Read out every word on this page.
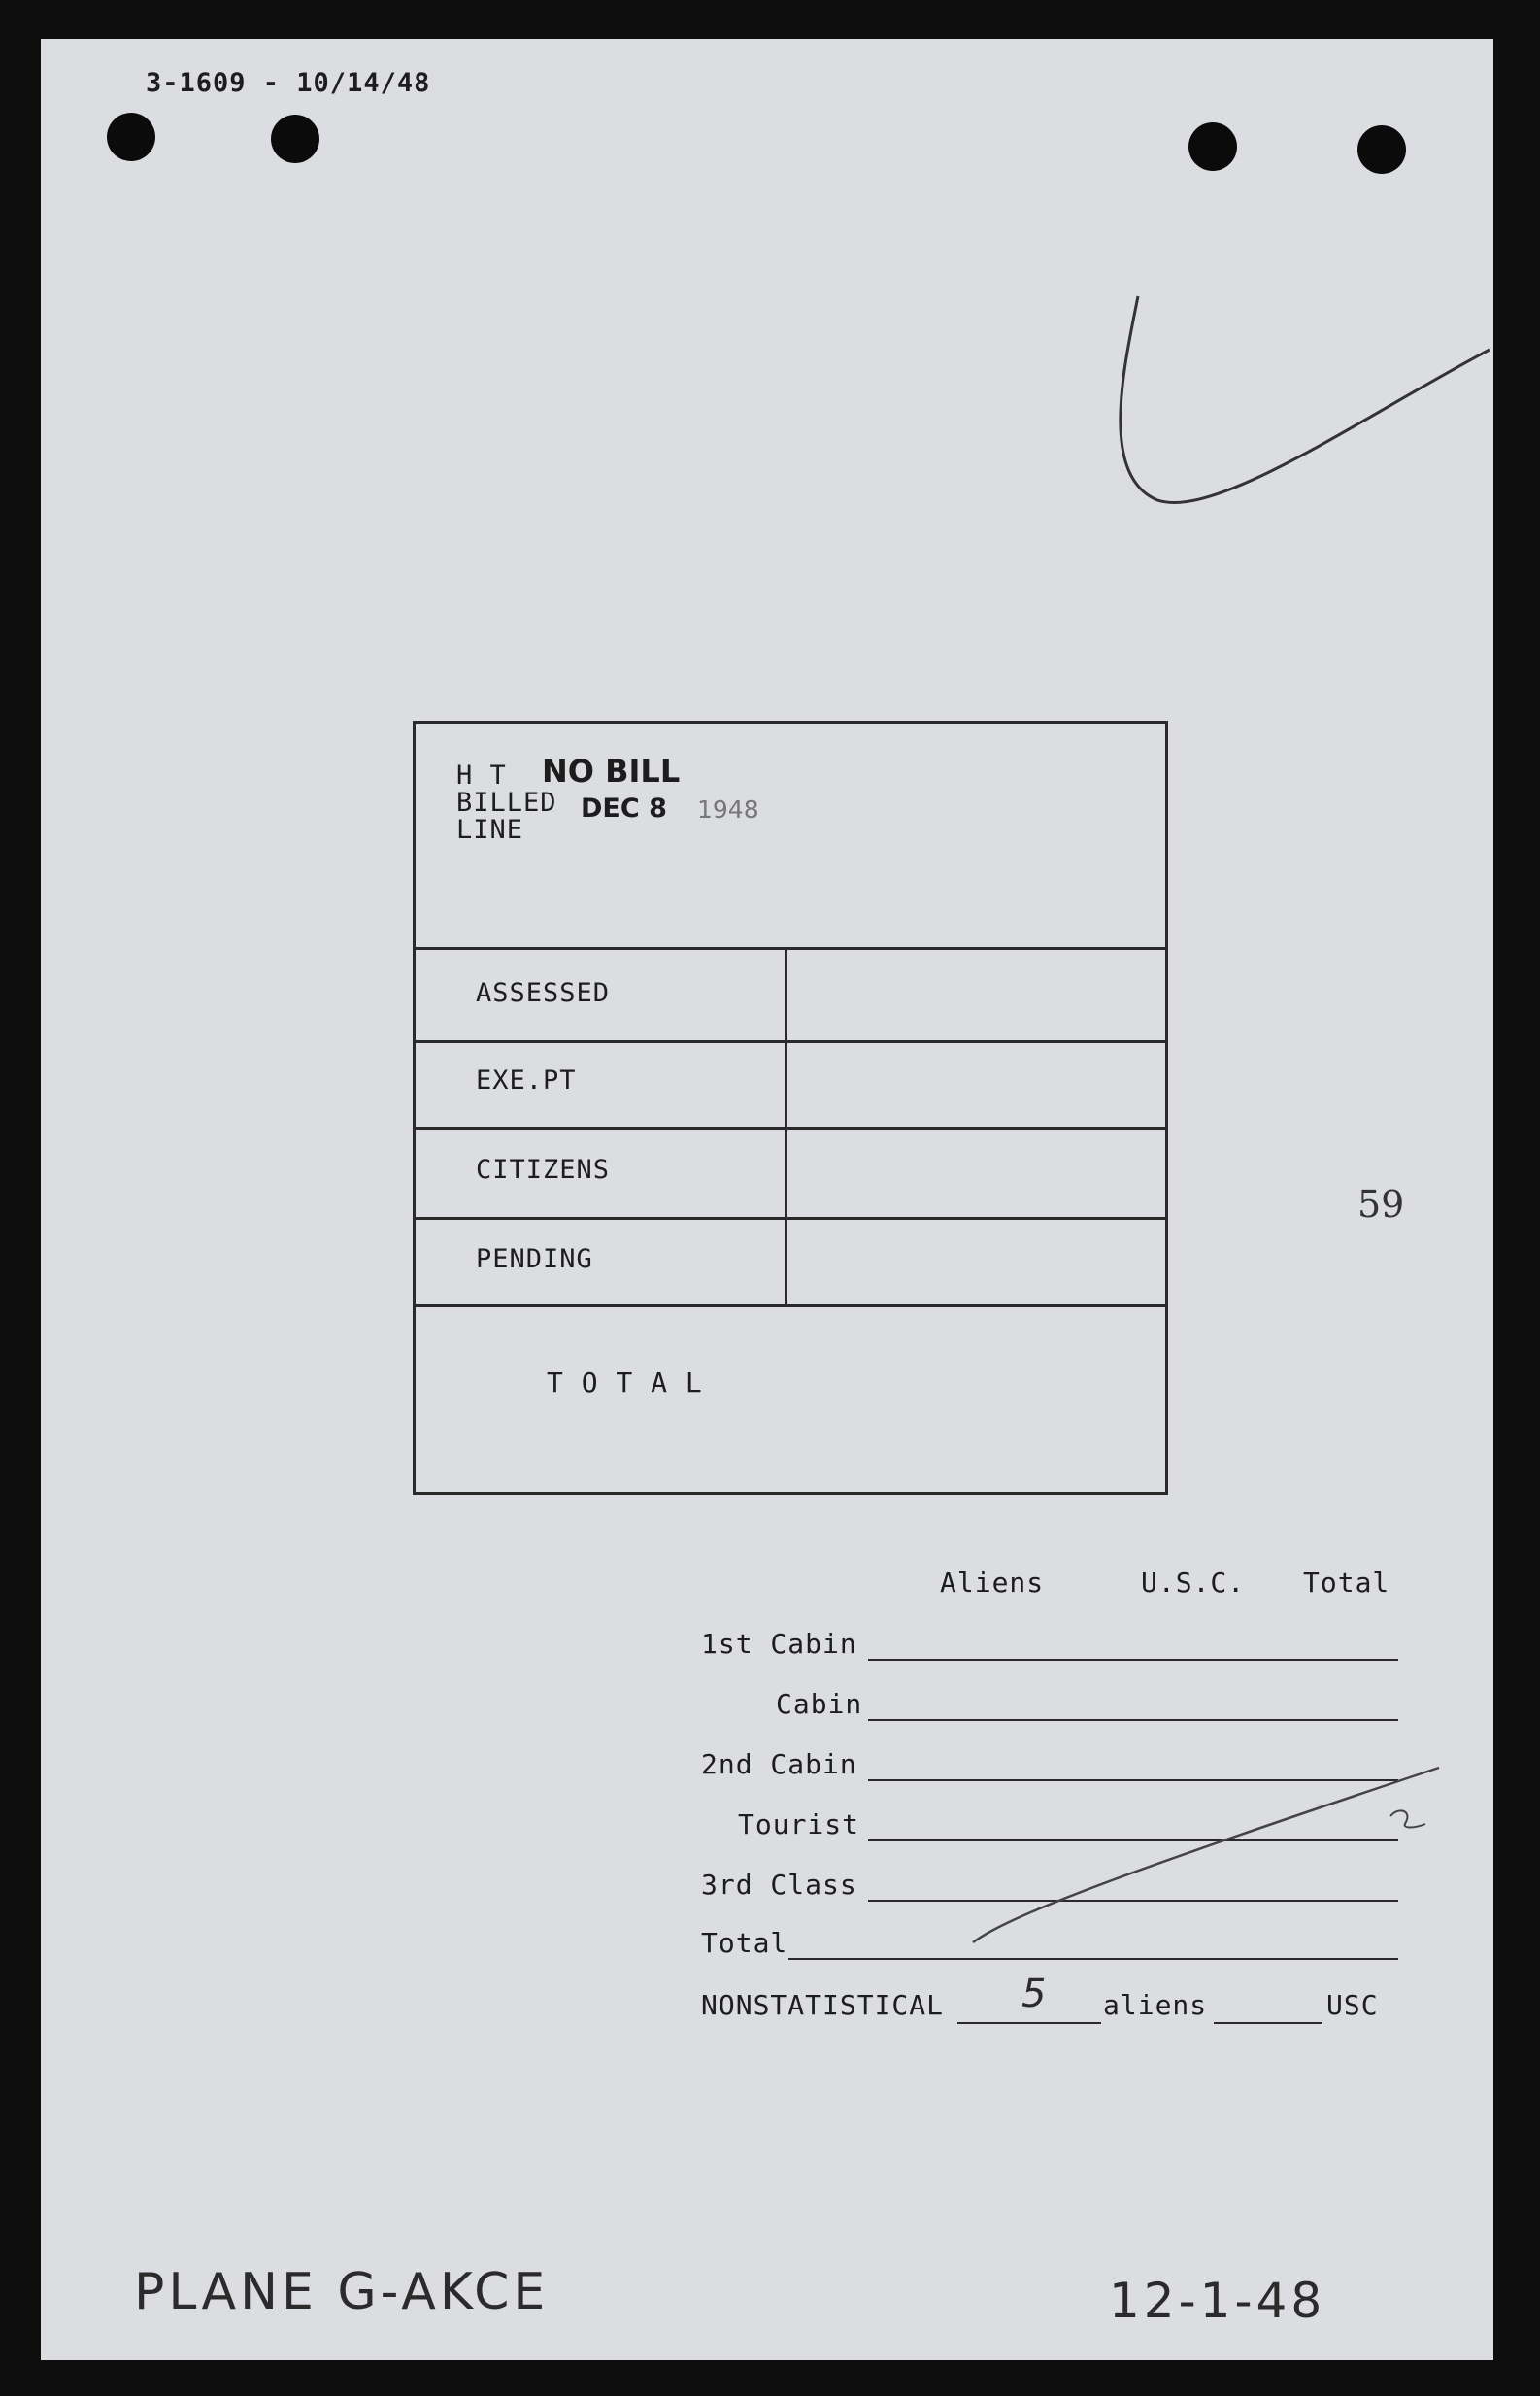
3-1609 - 10/14/48
H T
BILLED
LINE
NO BILL
DEC 8 1948
ASSESSED
EXE.PT
CITIZENS
PENDING
T O T A L
59
Aliens	U.S.C. Total
1st Cabin
Cabin
2nd Cabin
Tourist
3rd Class
Total
NONSTATISTICAL 5 aliens	USC
PLANE G-AKCE	12-1-48
